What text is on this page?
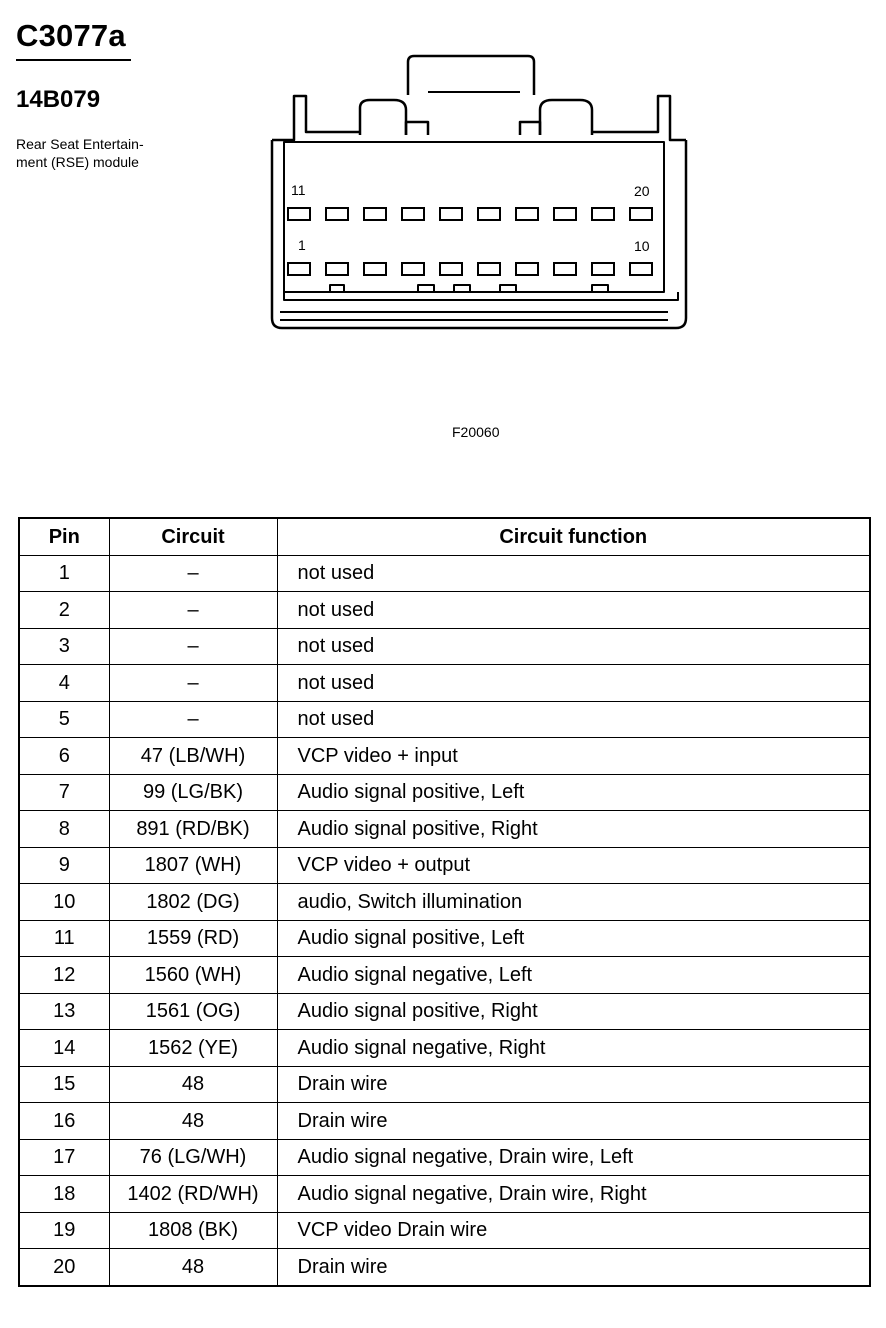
C3077a
14B079
Rear Seat Entertain-
ment (RSE) module
11	20
1	10
F20060
Pin	Circuit	Circuit function
1	–	not used
2	–	not used
3	–	not used
4	–	not used
5	–	not used
6	47 (LB/WH)	VCP video + input
7	99 (LG/BK)	Audio signal positive, Left
8	891 (RD/BK)	Audio signal positive, Right
9	1807 (WH)	VCP video + output
10	1802 (DG)	audio, Switch illumination
11	1559 (RD)	Audio signal positive, Left
12	1560 (WH)	Audio signal negative, Left
13	1561 (OG)	Audio signal positive, Right
14	1562 (YE)	Audio signal negative, Right
15	48	Drain wire
16	48	Drain wire
17	76 (LG/WH)	Audio signal negative, Drain wire, Left
18	1402 (RD/WH)	Audio signal negative, Drain wire, Right
19	1808 (BK)	VCP video Drain wire
20	48	Drain wire
